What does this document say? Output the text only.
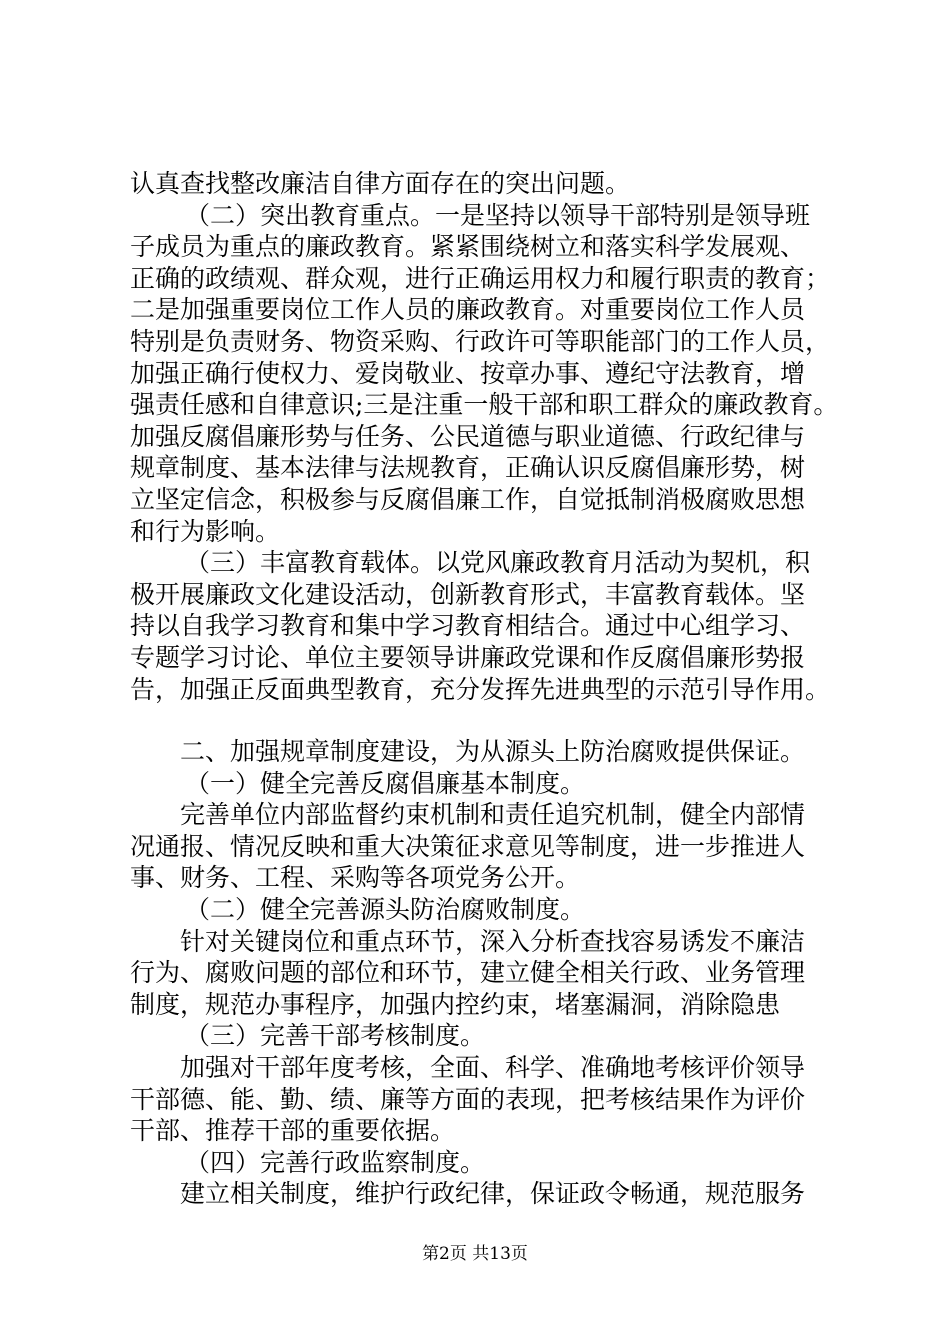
认真查找整改廉洁自律方面存在的突出问题。

（二）突出教育重点。一是坚持以领导干部特别是领导班

子成员为重点的廉政教育。紧紧围绕树立和落实科学发展观、

正确的政绩观、群众观，进行正确运用权力和履行职责的教育；

二是加强重要岗位工作人员的廉政教育。对重要岗位工作人员

特别是负责财务、物资采购、行政许可等职能部门的工作人员，

加强正确行使权力、爱岗敬业、按章办事、遵纪守法教育，增

强责任感和自律意识;三是注重一般干部和职工群众的廉政教育。

加强反腐倡廉形势与任务、公民道德与职业道德、行政纪律与

规章制度、基本法律与法规教育，正确认识反腐倡廉形势，树

立坚定信念，积极参与反腐倡廉工作，自觉抵制消极腐败思想

和行为影响。

（三）丰富教育载体。以党风廉政教育月活动为契机，积

极开展廉政文化建设活动，创新教育形式，丰富教育载体。坚

持以自我学习教育和集中学习教育相结合。通过中心组学习、

专题学习讨论、单位主要领导讲廉政党课和作反腐倡廉形势报

告，加强正反面典型教育，充分发挥先进典型的示范引导作用。

二、加强规章制度建设，为从源头上防治腐败提供保证。

（一）健全完善反腐倡廉基本制度。

完善单位内部监督约束机制和责任追究机制，健全内部情

况通报、情况反映和重大决策征求意见等制度，进一步推进人

事、财务、工程、采购等各项党务公开。

（二）健全完善源头防治腐败制度。

针对关键岗位和重点环节，深入分析查找容易诱发不廉洁

行为、腐败问题的部位和环节，建立健全相关行政、业务管理

制度，规范办事程序，加强内控约束，堵塞漏洞，消除隐患

（三）完善干部考核制度。

加强对干部年度考核，全面、科学、准确地考核评价领导

干部德、能、勤、绩、廉等方面的表现，把考核结果作为评价

干部、推荐干部的重要依据。

（四）完善行政监察制度。

建立相关制度，维护行政纪律，保证政令畅通，规范服务

第2页 共13页
